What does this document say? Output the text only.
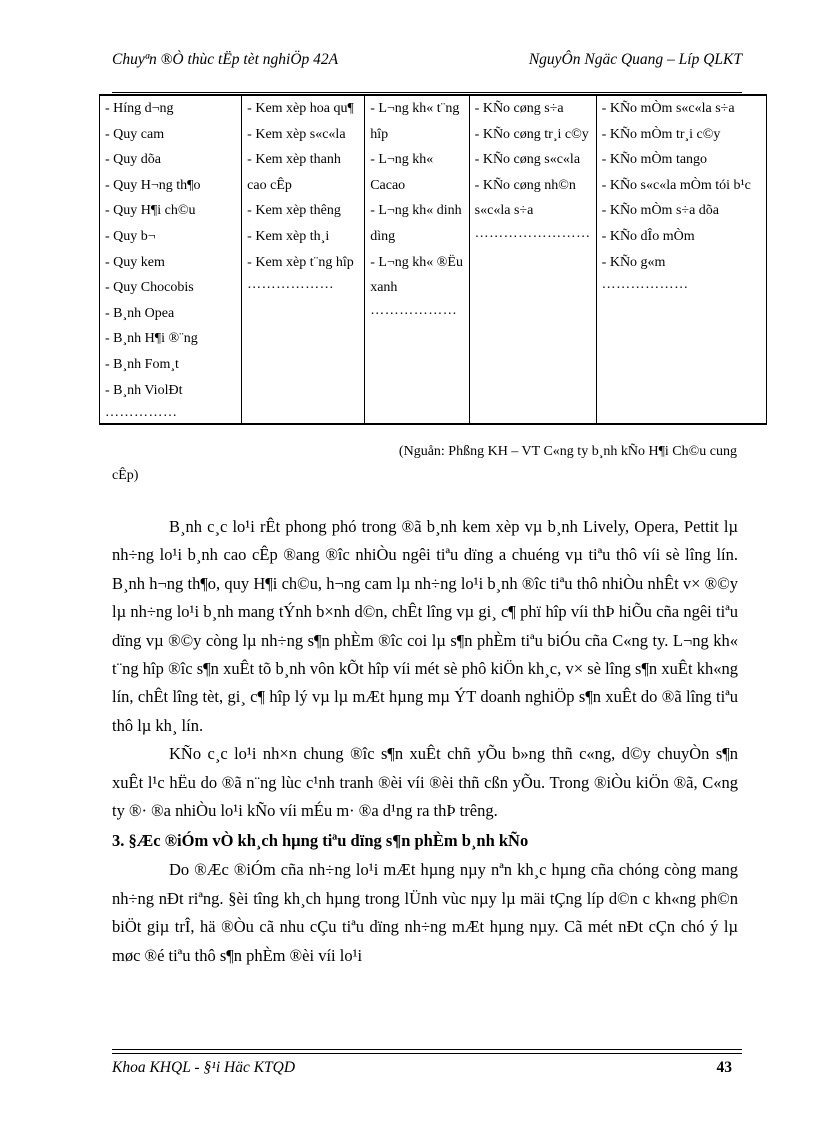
Chuyªn ®Ò thùc tËp tèt nghiÖp 42A	NguyÔn Ngäc Quang – Líp QLKT
- Híng d¬ng
- Quy cam
- Quy dõa
- Quy H¬ng th¶o
- Quy H¶i ch©u
- Quy b¬
- Quy kem
- Quy Chocobis
- B¸nh Opea
- B¸nh H¶i ®¨ng
- B¸nh Fom¸t
- B¸nh ViolÐt
……………

- Kem xèp hoa qu¶
- Kem xèp s«c«la
- Kem xèp thanh cao cÊp
- Kem xèp thêng
- Kem xèp th¸i
- Kem xèp t¨ng hîp
………………

- L¬ng kh« t¨ng hîp
- L¬ng kh« Cacao
- L¬ng kh« dinh dìng
- L¬ng kh« ®Ëu xanh
………………

- KÑo cøng s÷a
- KÑo cøng tr¸i c©y
- KÑo cøng s«c«la
- KÑo cøng nh©n s«c«la s÷a
……………………

- KÑo mÒm s«c«la s÷a
- KÑo mÒm tr¸i c©y
- KÑo mÒm tango
- KÑo s«c«la mÒm tói b¹c
- KÑo mÒm s÷a dõa
- KÑo dÎo mÒm
- KÑo g«m
………………
(Nguån: Phßng KH – VT C«ng ty b¸nh kÑo H¶i Ch©u cung
cÊp)

B¸nh c¸c lo¹i rÊt phong phó trong ®ã b¸nh kem xèp vµ b¸nh Lively, Opera, Pettit lµ nh÷ng lo¹i b¸nh cao cÊp ®ang ®îc nhiÒu ngêi tiªu dïng a chuéng vµ tiªu thô víi sè lîng lín. B¸nh h¬ng th¶o, quy H¶i ch©u, h¬ng cam lµ nh÷ng lo¹i b¸nh ®îc tiªu thô nhiÒu nhÊt v× ®©y lµ nh÷ng lo¹i b¸nh mang tÝnh b×nh d©n, chÊt lîng vµ gi¸ c¶ phï hîp víi thÞ hiÕu cña ngêi tiªu dïng vµ ®©y còng lµ nh÷ng s¶n phÈm ®îc coi lµ s¶n phÈm tiªu biÓu cña C«ng ty. L¬ng kh« t¨ng hîp ®îc s¶n xuÊt tõ b¸nh vôn kÕt hîp víi mét sè phô kiÖn kh¸c, v× sè lîng s¶n xuÊt kh«ng lín, chÊt lîng tèt, gi¸ c¶ hîp lý vµ lµ mÆt hµng mµ ÝT doanh nghiÖp s¶n xuÊt do ®ã lîng tiªu thô lµ kh¸ lín.

KÑo c¸c lo¹i nh×n chung ®îc s¶n xuÊt chñ yÕu b»ng thñ c«ng, d©y chuyÒn s¶n xuÊt l¹c hËu do ®ã n¨ng lùc c¹nh tranh ®èi víi ®èi thñ cßn yÕu. Trong ®iÒu kiÖn ®ã, C«ng ty ®· ®a nhiÒu lo¹i kÑo víi mÉu m· ®a d¹ng ra thÞ trêng.

3. §Æc ®iÓm vÒ kh¸ch hµng tiªu dïng s¶n phÈm b¸nh kÑo

Do ®Æc ®iÓm cña nh÷ng lo¹i mÆt hµng nµy nªn kh¸c hµng cña chóng còng mang nh÷ng nÐt riªng. §èi tîng kh¸ch hµng trong lÜnh vùc nµy lµ mäi tÇng líp d©n c kh«ng ph©n biÖt giµ trÎ, hä ®Òu cã nhu cÇu tiªu dïng nh÷ng mÆt hµng nµy. Cã mét nÐt cÇn chó ý lµ møc ®é tiªu thô s¶n phÈm ®èi víi lo¹i

Khoa KHQL - §¹i Häc KTQD	43
